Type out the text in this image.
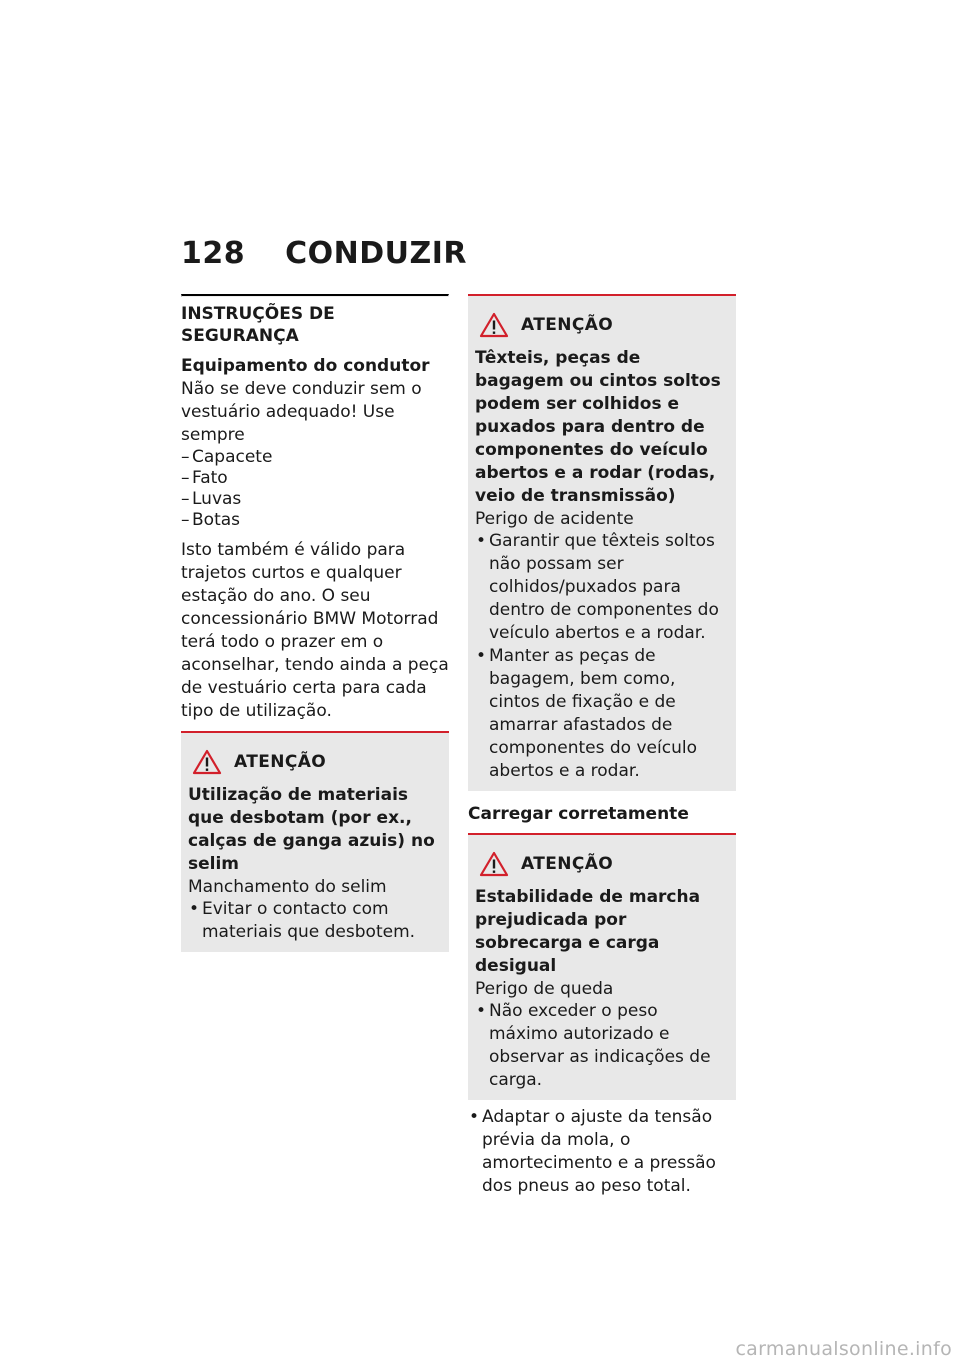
128 CONDUZIR
INSTRUÇÕES DE
SEGURANÇA

Equipamento do condutor

Não se deve conduzir sem o vestuário adequado! Use sempre

– Capacete
– Fato
– Luvas
– Botas

Isto também é válido para trajetos curtos e qualquer estação do ano. O seu concessionário BMW Motorrad terá todo o prazer em o aconselhar, tendo ainda a peça de vestuário certa para cada tipo de utilização.

ATENÇÃO

Utilização de materiais que desbotam (por ex., calças de ganga azuis) no selim

Manchamento do selim

• Evitar o contacto com materiais que desbotem.
ATENÇÃO

Têxteis, peças de bagagem ou cintos soltos podem ser colhidos e puxados para dentro de componentes do veículo abertos e a rodar (rodas, veio de transmissão)

Perigo de acidente

• Garantir que têxteis soltos não possam ser colhidos/puxados para dentro de componentes do veículo abertos e a rodar.
• Manter as peças de bagagem, bem como, cintos de fixação e de amarrar afastados de componentes do veículo abertos e a rodar.
Carregar corretamente
ATENÇÃO

Estabilidade de marcha prejudicada por sobrecarga e carga desigual

Perigo de queda

• Não exceder o peso máximo autorizado e observar as indicações de carga.
• Adaptar o ajuste da tensão prévia da mola, o amortecimento e a pressão dos pneus ao peso total.
carmanualsonline.info
